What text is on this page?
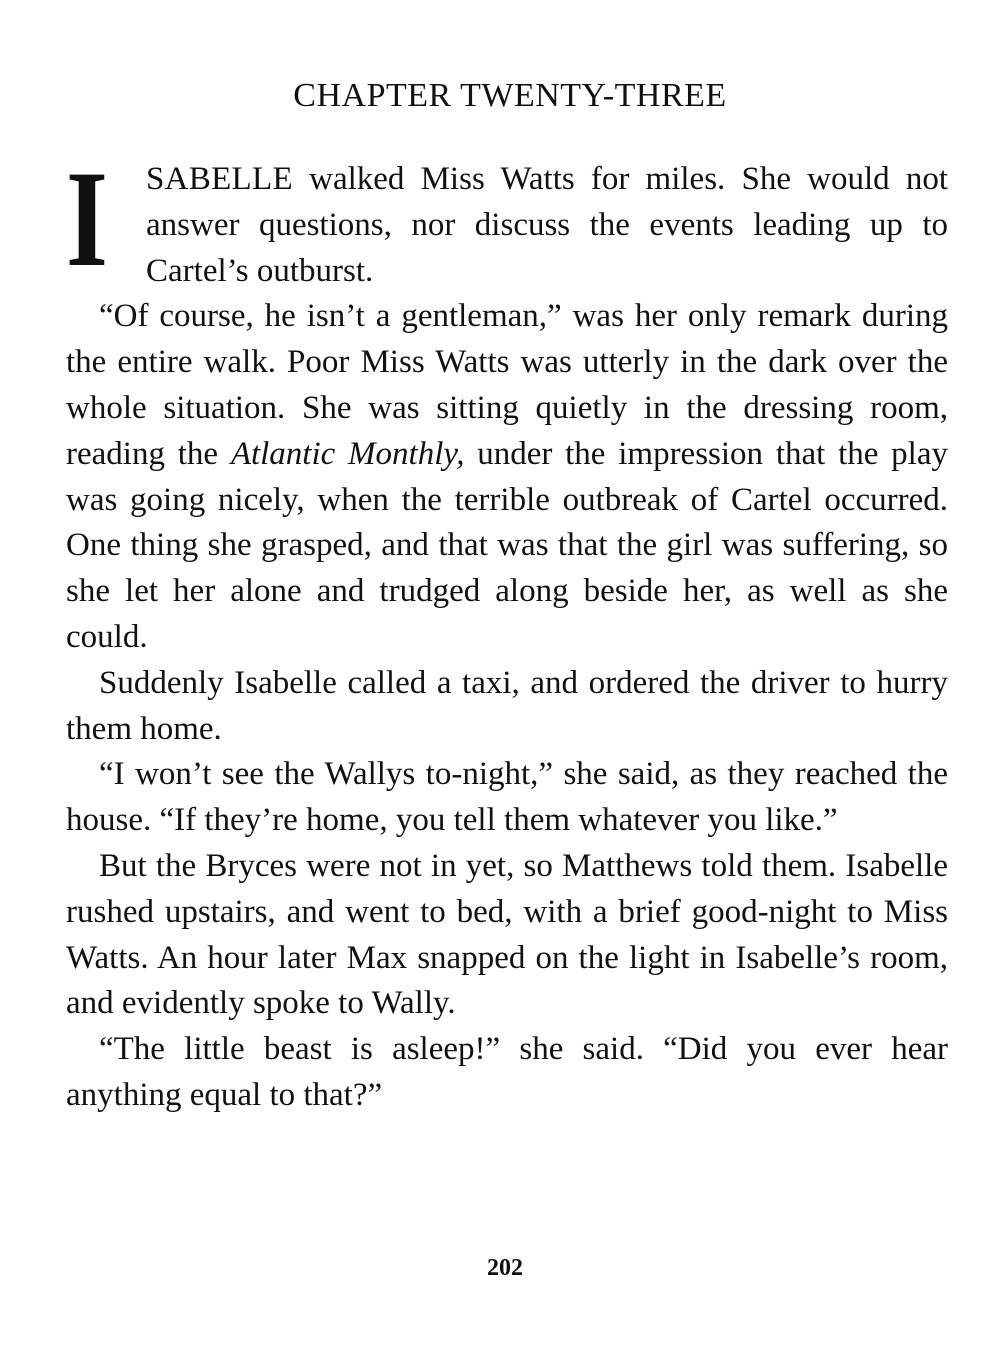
CHAPTER TWENTY-THREE

I SABELLE walked Miss Watts for miles. She would not answer questions, nor discuss the events leading up to Cartel’s outburst.

“Of course, he isn’t a gentleman,” was her only remark during the entire walk. Poor Miss Watts was utterly in the dark over the whole situation. She was sitting quietly in the dressing room, reading the Atlantic Monthly, under the impression that the play was going nicely, when the terrible outbreak of Cartel occurred. One thing she grasped, and that was that the girl was suffering, so she let her alone and trudged along beside her, as well as she could.

Suddenly Isabelle called a taxi, and ordered the driver to hurry them home.

“I won’t see the Wallys to-night,” she said, as they reached the house. “If they’re home, you tell them whatever you like.”

But the Bryces were not in yet, so Matthews told them. Isabelle rushed upstairs, and went to bed, with a brief good-night to Miss Watts. An hour later Max snapped on the light in Isabelle’s room, and evidently spoke to Wally.

“The little beast is asleep!” she said. “Did you ever hear anything equal to that?”

202
